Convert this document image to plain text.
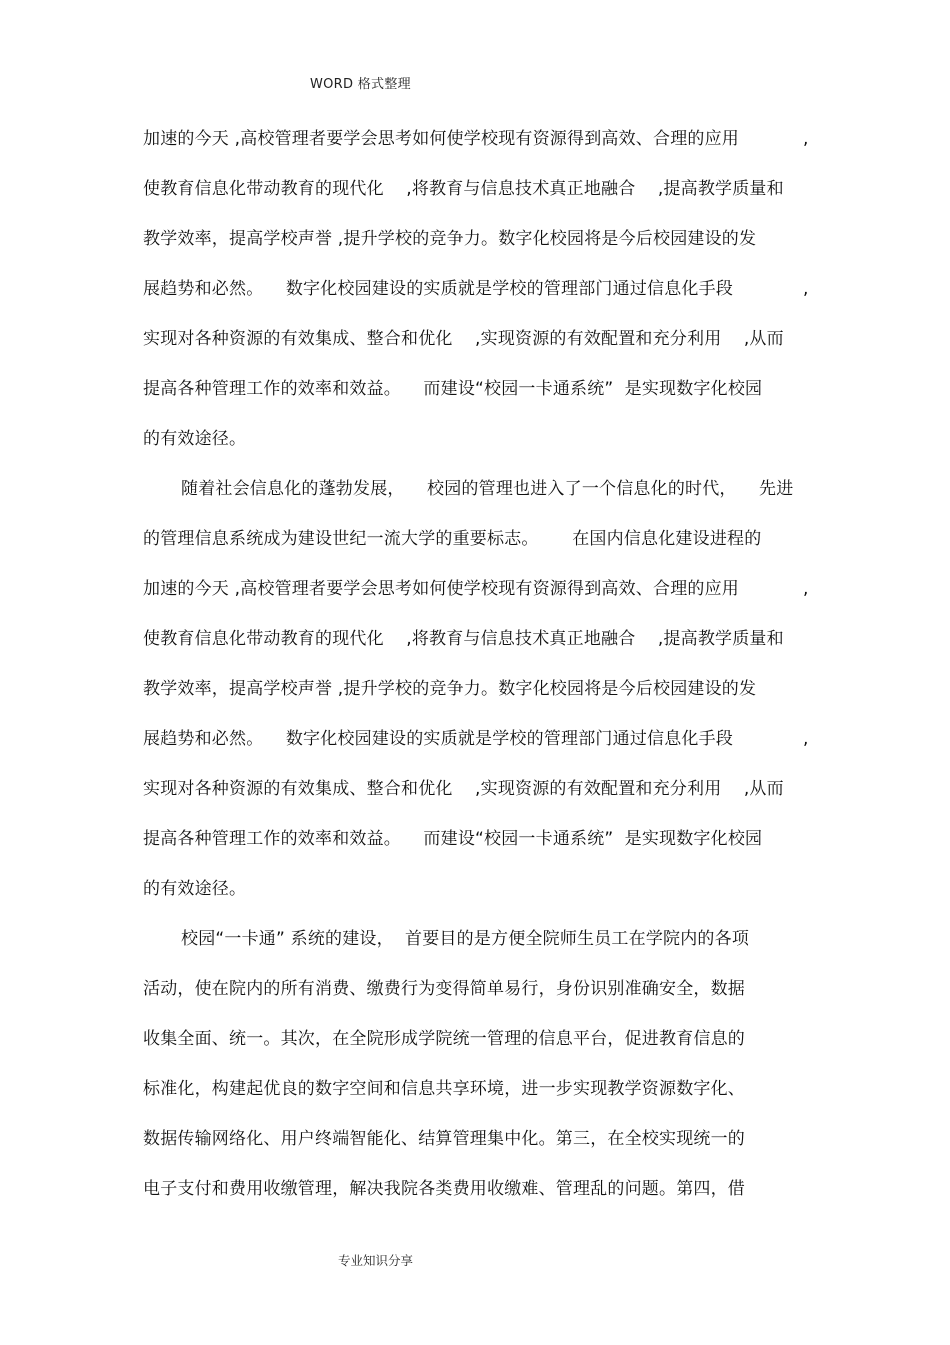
WORD 格式整理
加速的今天 ,高校管理者要学会思考如何使学校现有资源得到高效、合理的应用	,
使教育信息化带动教育的现代化    ,将教育与信息技术真正地融合    ,提高教学质量和
教学效率，提高学校声誉 ,提升学校的竞争力。数字化校园将是今后校园建设的发
展趋势和必然。    数字化校园建设的实质就是学校的管理部门通过信息化手段	,
实现对各种资源的有效集成、整合和优化    ,实现资源的有效配置和充分利用    ,从而
提高各种管理工作的效率和效益。    而建设“校园一卡通系统”  是实现数字化校园
的有效途径。
随着社会信息化的蓬勃发展，    校园的管理也进入了一个信息化的时代，    先进
的管理信息系统成为建设世纪一流大学的重要标志。      在国内信息化建设进程的
加速的今天 ,高校管理者要学会思考如何使学校现有资源得到高效、合理的应用	,
使教育信息化带动教育的现代化    ,将教育与信息技术真正地融合    ,提高教学质量和
教学效率，提高学校声誉 ,提升学校的竞争力。数字化校园将是今后校园建设的发
展趋势和必然。    数字化校园建设的实质就是学校的管理部门通过信息化手段	,
实现对各种资源的有效集成、整合和优化    ,实现资源的有效配置和充分利用    ,从而
提高各种管理工作的效率和效益。    而建设“校园一卡通系统”  是实现数字化校园
的有效途径。
校园“一卡通” 系统的建设，  首要目的是方便全院师生员工在学院内的各项
活动，使在院内的所有消费、缴费行为变得简单易行，身份识别准确安全，数据
收集全面、统一。其次，在全院形成学院统一管理的信息平台，促进教育信息的
标准化，构建起优良的数字空间和信息共享环境，进一步实现教学资源数字化、
数据传输网络化、用户终端智能化、结算管理集中化。第三，在全校实现统一的
电子支付和费用收缴管理，解决我院各类费用收缴难、管理乱的问题。第四，借
专业知识分享
